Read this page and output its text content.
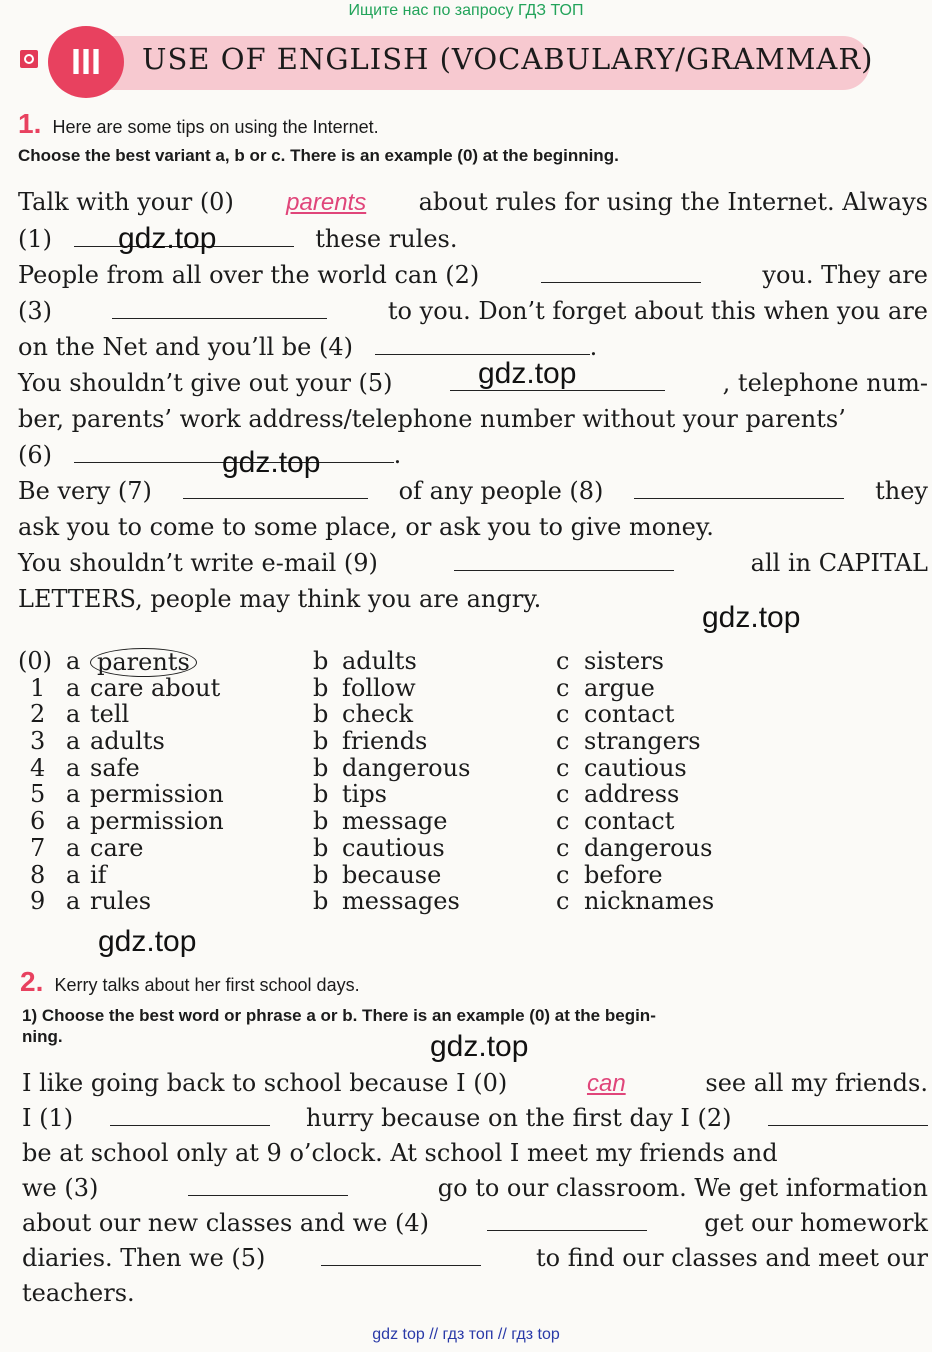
Ищите нас по запросу ГДЗ ТОП
III	USE OF ENGLISH (VOCABULARY/GRAMMAR)
1. Here are some tips on using the Internet.
Choose the best variant a, b or c. There is an example (0) at the beginning.
Talk with your (0) parents about rules for using the Internet. Always
(1)	these rules.
People from all over the world can (2)	you. They are
(3)	to you. Don’t forget about this when you are
on the Net and you’ll be (4)	.
You shouldn’t give out your (5)	, telephone num-
ber, parents’ work address/telephone number without your parents’
(6)	.
Be very (7)	of any people (8)	they
ask you to come to some place, or ask you to give money.
You shouldn’t write e-mail (9)	all in CAPITAL
LETTERS, people may think you are angry.
(0) a parents	b adults	c sisters
1 a care about	b follow	c argue
2 a tell	b check	c contact
3 a adults	b friends	c strangers
4 a safe	b dangerous	c cautious
5 a permission	b tips	c address
6 a permission	b message	c contact
7 a care	b cautious	c dangerous
8 a if	b because	c before
9 a rules	b messages	c nicknames
2. Kerry talks about her first school days.
1) Choose the best word or phrase a or b. There is an example (0) at the begin-
ning.
I like going back to school because I (0)	can	see all my friends.
I (1)	hurry because on the first day I (2)
be at school only at 9 o’clock. At school I meet my friends and
we (3)	go to our classroom. We get information
about our new classes and we (4)	get our homework
diaries. Then we (5)	to find our classes and meet our
teachers.
gdz.top
gdz.top
gdz.top
gdz.top
gdz.top
gdz.top
gdz top // гдз топ // гдз top
